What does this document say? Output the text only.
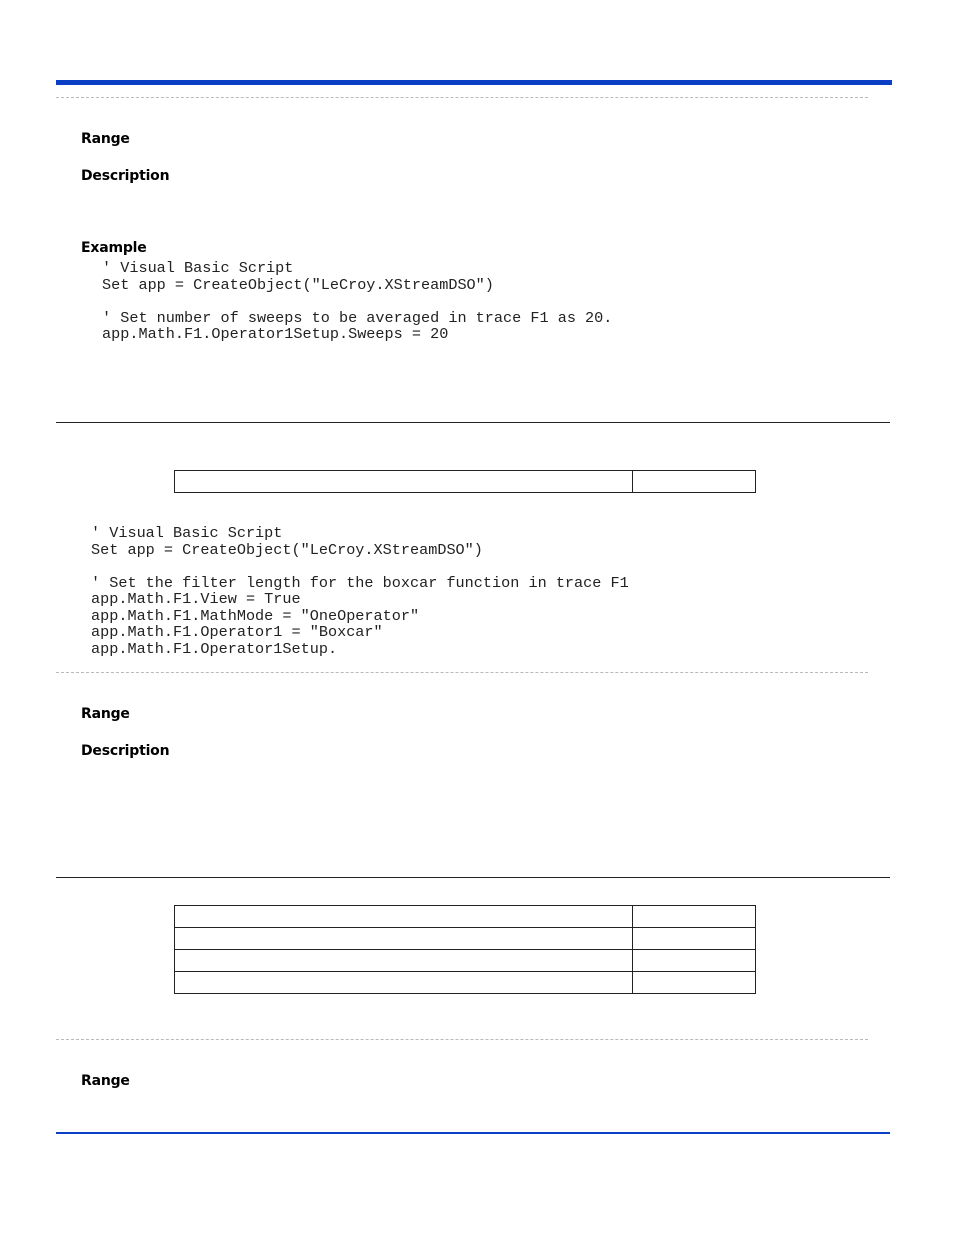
Range
Description
Example
' Visual Basic Script
Set app = CreateObject("LeCroy.XStreamDSO")
' Set number of sweeps to be averaged in trace F1 as 20.
app.Math.F1.Operator1Setup.Sweeps = 20

' Visual Basic Script
Set app = CreateObject("LeCroy.XStreamDSO")
' Set the filter length for the boxcar function in trace F1
app.Math.F1.View = True
app.Math.F1.MathMode = "OneOperator"
app.Math.F1.Operator1 = "Boxcar"
app.Math.F1.Operator1Setup.
Range
Description

Range
